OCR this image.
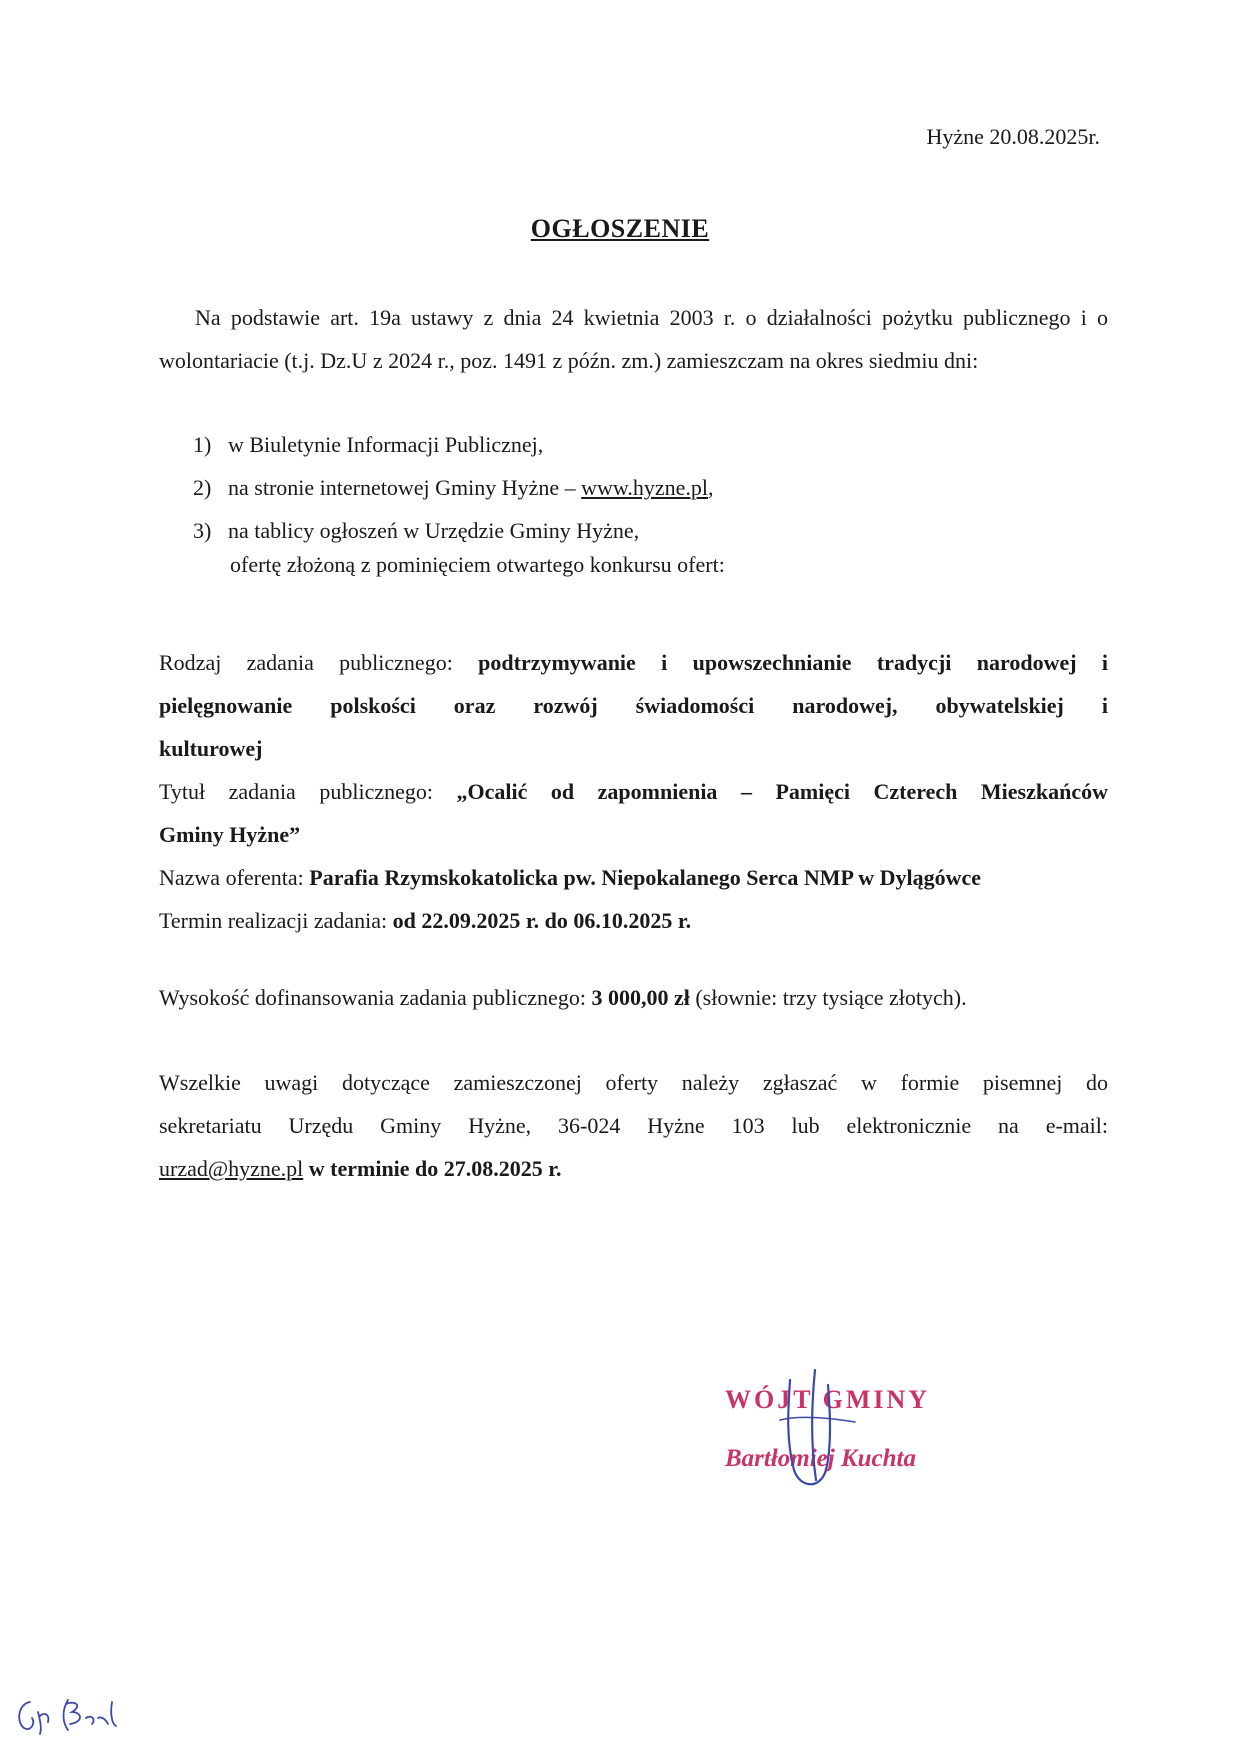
Hyżne 20.08.2025r.
OGŁOSZENIE

Na podstawie art. 19a ustawy z dnia 24 kwietnia 2003 r. o działalności pożytku publicznego i o wolontariacie (t.j. Dz.U z 2024 r., poz. 1491 z późn. zm.) zamieszczam na okres siedmiu dni:

1) w Biuletynie Informacji Publicznej,
2) na stronie internetowej Gminy Hyżne – www.hyzne.pl,
3) na tablicy ogłoszeń w Urzędzie Gminy Hyżne,
ofertę złożoną z pominięciem otwartego konkursu ofert:

Rodzaj zadania publicznego: podtrzymywanie i upowszechnianie tradycji narodowej i

pielęgnowanie polskości oraz rozwój świadomości narodowej, obywatelskiej i

kulturowej

Tytuł zadania publicznego: „Ocalić od zapomnienia – Pamięci Czterech Mieszkańców

Gminy Hyżne”

Nazwa oferenta: Parafia Rzymskokatolicka pw. Niepokalanego Serca NMP w Dylągówce

Termin realizacji zadania: od 22.09.2025 r. do 06.10.2025 r.

Wysokość dofinansowania zadania publicznego: 3 000,00 zł (słownie: trzy tysiące złotych).

Wszelkie uwagi dotyczące zamieszczonej oferty należy zgłaszać w formie pisemnej do

sekretariatu Urzędu Gminy Hyżne, 36-024 Hyżne 103 lub elektronicznie na e-mail:

urzad@hyzne.pl w terminie do 27.08.2025 r.

WÓJT GMINY
Bartłomiej Kuchta
